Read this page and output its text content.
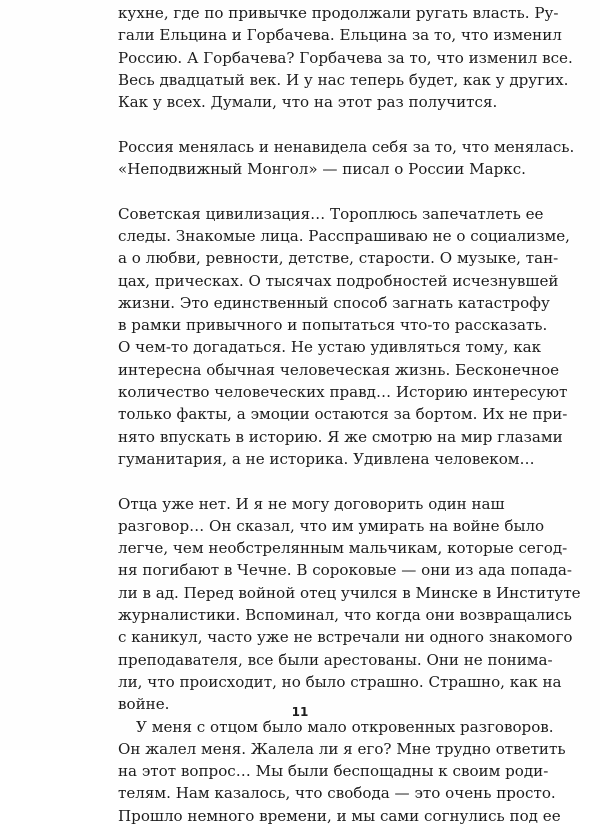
кухне, где по привычке продолжали ругать власть. Ру-
гали Ельцина и Горбачева. Ельцина за то, что изменил
Россию. А Горбачева? Горбачева за то, что изменил все.
Весь двадцатый век. И у нас теперь будет, как у других.
Как у всех. Думали, что на этот раз получится.
Россия менялась и ненавидела себя за то, что менялась.
«Неподвижный Монгол» — писал о России Маркс.
Советская цивилизация… Тороплюсь запечатлеть ее
следы. Знакомые лица. Расспрашиваю не о социализме,
а о любви, ревности, детстве, старости. О музыке, тан-
цах, прическах. О тысячах подробностей исчезнувшей
жизни. Это единственный способ загнать катастрофу
в рамки привычного и попытаться что-то рассказать.
О чем-то догадаться. Не устаю удивляться тому, как
интересна обычная человеческая жизнь. Бесконечное
количество человеческих правд… Историю интересуют
только факты, а эмоции остаются за бортом. Их не при-
нято впускать в историю. Я же смотрю на мир глазами
гуманитария, а не историка. Удивлена человеком…
Отца уже нет. И я не могу договорить один наш
разговор… Он сказал, что им умирать на войне было
легче, чем необстрелянным мальчикам, которые сегод-
ня погибают в Чечне. В сороковые — они из ада попада-
ли в ад. Перед войной отец учился в Минске в Институте
журналистики. Вспоминал, что когда они возвращались
с каникул, часто уже не встречали ни одного знакомого
преподавателя, все были арестованы. Они не понима-
ли, что происходит, но было страшно. Страшно, как на
войне.
У меня с отцом было мало откровенных разговоров.
Он жалел меня. Жалела ли я его? Мне трудно ответить
на этот вопрос… Мы были беспощадны к своим роди-
телям. Нам казалось, что свобода — это очень просто.
Прошло немного времени, и мы сами согнулись под ее
11
